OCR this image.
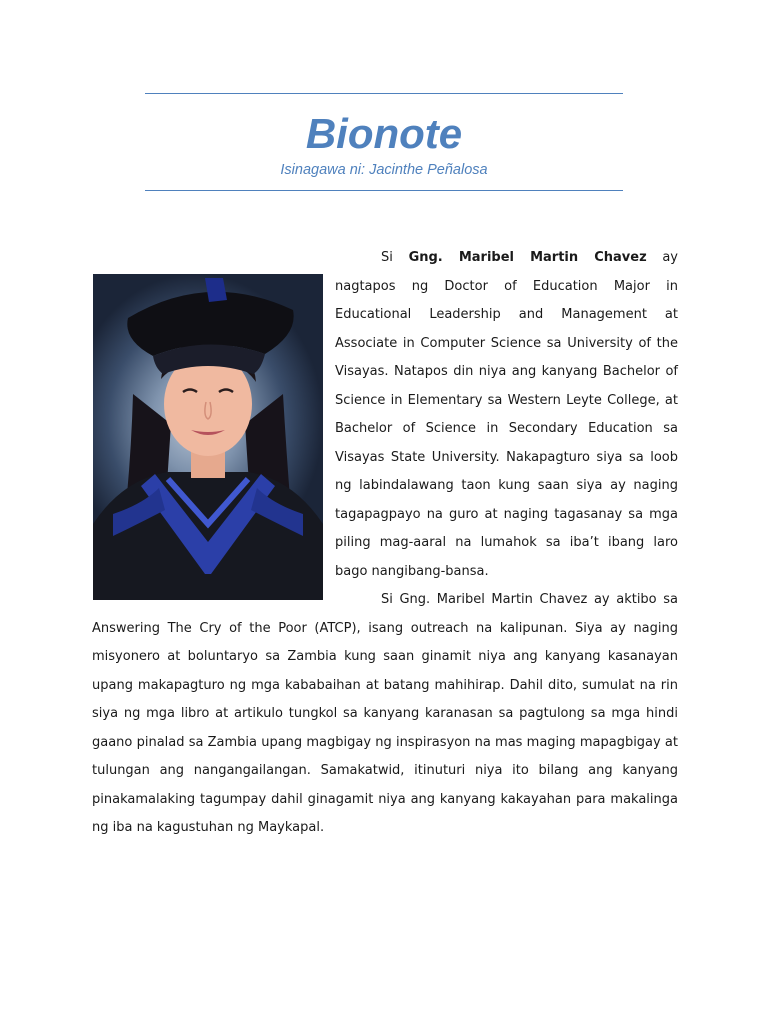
Bionote

Isinagawa ni: Jacinthe Peñalosa

Si Gng. Maribel Martin Chavez ay nagtapos ng Doctor of Education Major in Educational Leadership and Management at Associate in Computer Science sa University of the Visayas. Natapos din niya ang kanyang Bachelor of Science in Elementary sa Western Leyte College, at Bachelor of Science in Secondary Education sa Visayas State University. Nakapagturo siya sa loob ng labindalawang taon kung saan siya ay naging tagapagpayo na guro at naging tagasanay sa mga piling mag-aaral na lumahok sa iba’t ibang laro bago nangibang-bansa.

Si Gng. Maribel Martin Chavez ay aktibo sa Answering The Cry of the Poor (ATCP), isang outreach na kalipunan. Siya ay naging misyonero at boluntaryo sa Zambia kung saan ginamit niya ang kanyang kasanayan upang makapagturo ng mga kababaihan at batang mahihirap. Dahil dito, sumulat na rin siya ng mga libro at artikulo tungkol sa kanyang karanasan sa pagtulong sa mga hindi gaano pinalad sa Zambia upang magbigay ng inspirasyon na mas maging mapagbigay at tulungan ang nangangailangan. Samakatwid, itinuturi niya ito bilang ang kanyang pinakamalaking tagumpay dahil ginagamit niya ang kanyang kakayahan para makalinga ng iba na kagustuhan ng Maykapal.
